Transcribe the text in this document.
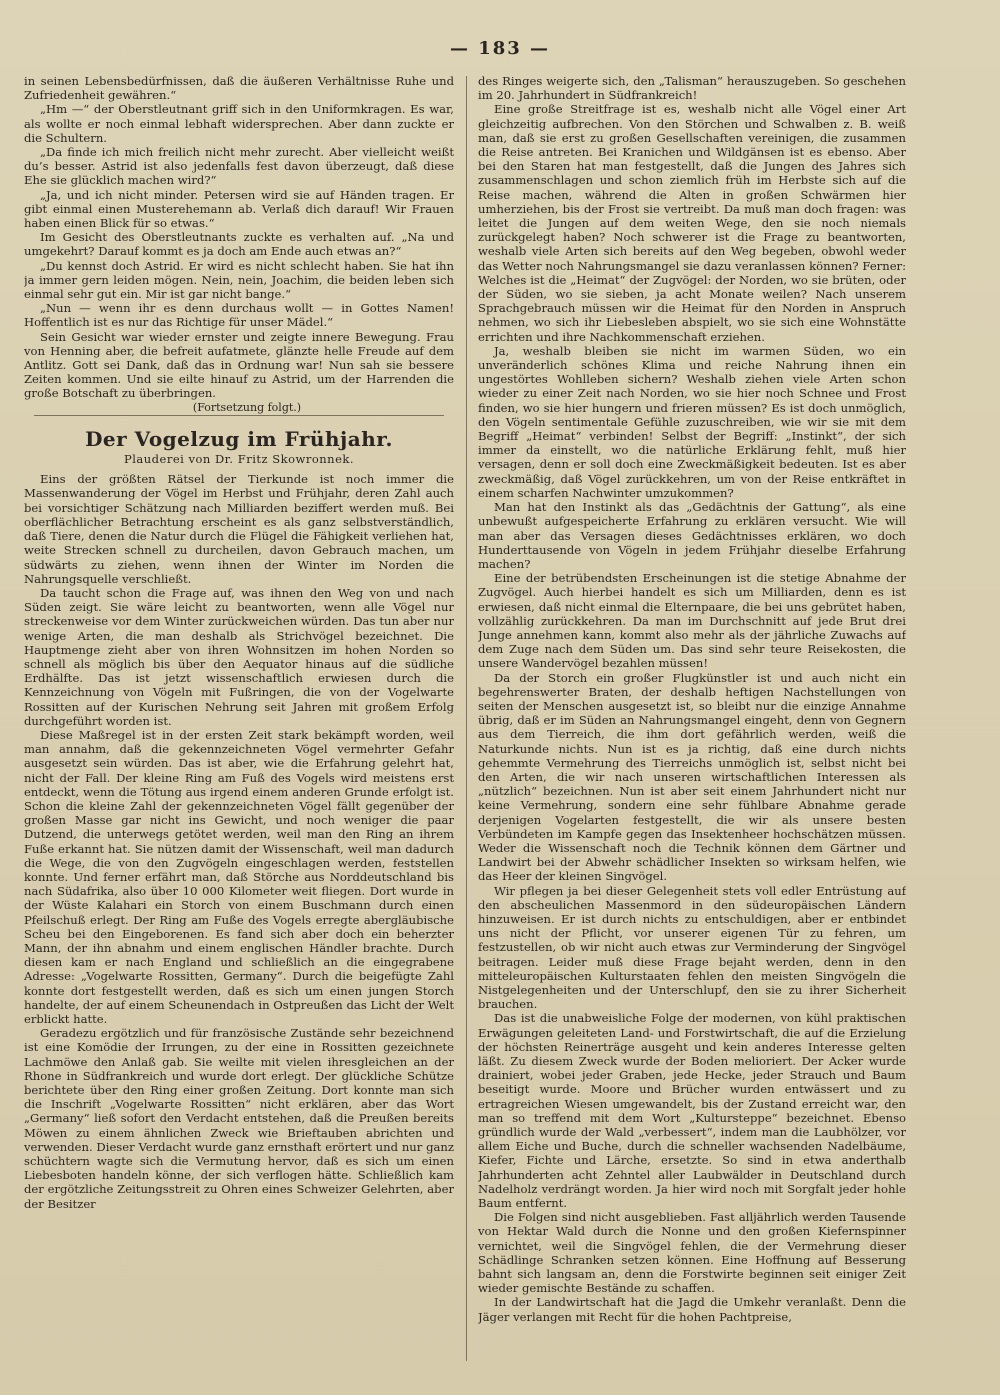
— 183 —

in seinen Lebensbedürfnissen, daß die äußeren Verhältnisse Ruhe und Zufriedenheit gewähren.“

„Hm —“ der Oberstleutnant griff sich in den Uniformkragen. Es war, als wollte er noch einmal lebhaft widersprechen. Aber dann zuckte er die Schultern.

„Da finde ich mich freilich nicht mehr zurecht. Aber vielleicht weißt du’s besser. Astrid ist also jedenfalls fest davon überzeugt, daß diese Ehe sie glücklich machen wird?“

„Ja, und ich nicht minder. Petersen wird sie auf Händen tragen. Er gibt einmal einen Musterehemann ab. Verlaß dich darauf! Wir Frauen haben einen Blick für so etwas.“

Im Gesicht des Oberstleutnants zuckte es verhalten auf. „Na und umgekehrt? Darauf kommt es ja doch am Ende auch etwas an?“

„Du kennst doch Astrid. Er wird es nicht schlecht haben. Sie hat ihn ja immer gern leiden mögen. Nein, nein, Joachim, die beiden leben sich einmal sehr gut ein. Mir ist gar nicht bange.“

„Nun — wenn ihr es denn durchaus wollt — in Gottes Namen! Hoffentlich ist es nur das Richtige für unser Mädel.“

Sein Gesicht war wieder ernster und zeigte innere Bewegung. Frau von Henning aber, die befreit aufatmete, glänzte helle Freude auf dem Antlitz. Gott sei Dank, daß das in Ordnung war! Nun sah sie bessere Zeiten kommen. Und sie eilte hinauf zu Astrid, um der Harrenden die große Botschaft zu überbringen.

(Fortsetzung folgt.)

Der Vogelzug im Frühjahr.
Plauderei von Dr. Fritz Skowronnek.

Eins der größten Rätsel der Tierkunde ist noch immer die Massenwanderung der Vögel im Herbst und Frühjahr, deren Zahl auch bei vorsichtiger Schätzung nach Milliarden beziffert werden muß. Bei oberflächlicher Betrachtung erscheint es als ganz selbstverständlich, daß Tiere, denen die Natur durch die Flügel die Fähigkeit verliehen hat, weite Strecken schnell zu durcheilen, davon Gebrauch machen, um südwärts zu ziehen, wenn ihnen der Winter im Norden die Nahrungsquelle verschließt.

Da taucht schon die Frage auf, was ihnen den Weg von und nach Süden zeigt. Sie wäre leicht zu beantworten, wenn alle Vögel nur streckenweise vor dem Winter zurückweichen würden. Das tun aber nur wenige Arten, die man deshalb als Strichvögel bezeichnet. Die Hauptmenge zieht aber von ihren Wohnsitzen im hohen Norden so schnell als möglich bis über den Aequator hinaus auf die südliche Erdhälfte. Das ist jetzt wissenschaftlich erwiesen durch die Kennzeichnung von Vögeln mit Fußringen, die von der Vogelwarte Rossitten auf der Kurischen Nehrung seit Jahren mit großem Erfolg durchgeführt worden ist.

Diese Maßregel ist in der ersten Zeit stark bekämpft worden, weil man annahm, daß die gekennzeichneten Vögel vermehrter Gefahr ausgesetzt sein würden. Das ist aber, wie die Erfahrung gelehrt hat, nicht der Fall. Der kleine Ring am Fuß des Vogels wird meistens erst entdeckt, wenn die Tötung aus irgend einem anderen Grunde erfolgt ist. Schon die kleine Zahl der gekennzeichneten Vögel fällt gegenüber der großen Masse gar nicht ins Gewicht, und noch weniger die paar Dutzend, die unterwegs getötet werden, weil man den Ring an ihrem Fuße erkannt hat. Sie nützen damit der Wissenschaft, weil man dadurch die Wege, die von den Zugvögeln eingeschlagen werden, feststellen konnte. Und ferner erfährt man, daß Störche aus Norddeutschland bis nach Südafrika, also über 10 000 Kilometer weit fliegen. Dort wurde in der Wüste Kalahari ein Storch von einem Buschmann durch einen Pfeilschuß erlegt. Der Ring am Fuße des Vogels erregte abergläubische Scheu bei den Eingeborenen. Es fand sich aber doch ein beherzter Mann, der ihn abnahm und einem englischen Händler brachte. Durch diesen kam er nach England und schließlich an die eingegrabene Adresse: „Vogelwarte Rossitten, Germany“. Durch die beigefügte Zahl konnte dort festgestellt werden, daß es sich um einen jungen Storch handelte, der auf einem Scheunendach in Ostpreußen das Licht der Welt erblickt hatte.

Geradezu ergötzlich und für französische Zustände sehr bezeichnend ist eine Komödie der Irrungen, zu der eine in Rossitten gezeichnete Lachmöwe den Anlaß gab. Sie weilte mit vielen ihresgleichen an der Rhone in Südfrankreich und wurde dort erlegt. Der glückliche Schütze berichtete über den Ring einer großen Zeitung. Dort konnte man sich die Inschrift „Vogelwarte Rossitten“ nicht erklären, aber das Wort „Germany“ ließ sofort den Verdacht entstehen, daß die Preußen bereits Möwen zu einem ähnlichen Zweck wie Brieftauben abrichten und verwenden. Dieser Verdacht wurde ganz ernsthaft erörtert und nur ganz schüchtern wagte sich die Vermutung hervor, daß es sich um einen Liebesboten handeln könne, der sich verflogen hätte. Schließlich kam der ergötzliche Zeitungsstreit zu Ohren eines Schweizer Gelehrten, aber der Besitzer

des Ringes weigerte sich, den „Talisman“ herauszugeben. So geschehen im 20. Jahrhundert in Südfrankreich!

Eine große Streitfrage ist es, weshalb nicht alle Vögel einer Art gleichzeitig aufbrechen. Von den Störchen und Schwalben z. B. weiß man, daß sie erst zu großen Gesellschaften vereinigen, die zusammen die Reise antreten. Bei Kranichen und Wildgänsen ist es ebenso. Aber bei den Staren hat man festgestellt, daß die Jungen des Jahres sich zusammenschlagen und schon ziemlich früh im Herbste sich auf die Reise machen, während die Alten in großen Schwärmen hier umherziehen, bis der Frost sie vertreibt. Da muß man doch fragen: was leitet die Jungen auf dem weiten Wege, den sie noch niemals zurückgelegt haben? Noch schwerer ist die Frage zu beantworten, weshalb viele Arten sich bereits auf den Weg begeben, obwohl weder das Wetter noch Nahrungsmangel sie dazu veranlassen können? Ferner: Welches ist die „Heimat“ der Zugvögel: der Norden, wo sie brüten, oder der Süden, wo sie sieben, ja acht Monate weilen? Nach unserem Sprachgebrauch müssen wir die Heimat für den Norden in Anspruch nehmen, wo sich ihr Liebesleben abspielt, wo sie sich eine Wohnstätte errichten und ihre Nachkommenschaft erziehen.

Ja, weshalb bleiben sie nicht im warmen Süden, wo ein unveränderlich schönes Klima und reiche Nahrung ihnen ein ungestörtes Wohlleben sichern? Weshalb ziehen viele Arten schon wieder zu einer Zeit nach Norden, wo sie hier noch Schnee und Frost finden, wo sie hier hungern und frieren müssen? Es ist doch unmöglich, den Vögeln sentimentale Gefühle zuzuschreiben, wie wir sie mit dem Begriff „Heimat“ verbinden! Selbst der Begriff: „Instinkt“, der sich immer da einstellt, wo die natürliche Erklärung fehlt, muß hier versagen, denn er soll doch eine Zweckmäßigkeit bedeuten. Ist es aber zweckmäßig, daß Vögel zurückkehren, um von der Reise entkräftet in einem scharfen Nachwinter umzukommen?

Man hat den Instinkt als das „Gedächtnis der Gattung“, als eine unbewußt aufgespeicherte Erfahrung zu erklären versucht. Wie will man aber das Versagen dieses Gedächtnisses erklären, wo doch Hunderttausende von Vögeln in jedem Frühjahr dieselbe Erfahrung machen?

Eine der betrübendsten Erscheinungen ist die stetige Abnahme der Zugvögel. Auch hierbei handelt es sich um Milliarden, denn es ist erwiesen, daß nicht einmal die Elternpaare, die bei uns gebrütet haben, vollzählig zurückkehren. Da man im Durchschnitt auf jede Brut drei Junge annehmen kann, kommt also mehr als der jährliche Zuwachs auf dem Zuge nach dem Süden um. Das sind sehr teure Reisekosten, die unsere Wandervögel bezahlen müssen!

Da der Storch ein großer Flugkünstler ist und auch nicht ein begehrenswerter Braten, der deshalb heftigen Nachstellungen von seiten der Menschen ausgesetzt ist, so bleibt nur die einzige Annahme übrig, daß er im Süden an Nahrungsmangel eingeht, denn von Gegnern aus dem Tierreich, die ihm dort gefährlich werden, weiß die Naturkunde nichts. Nun ist es ja richtig, daß eine durch nichts gehemmte Vermehrung des Tierreichs unmöglich ist, selbst nicht bei den Arten, die wir nach unseren wirtschaftlichen Interessen als „nützlich“ bezeichnen. Nun ist aber seit einem Jahrhundert nicht nur keine Vermehrung, sondern eine sehr fühlbare Abnahme gerade derjenigen Vogelarten festgestellt, die wir als unsere besten Verbündeten im Kampfe gegen das Insektenheer hochschätzen müssen. Weder die Wissenschaft noch die Technik können dem Gärtner und Landwirt bei der Abwehr schädlicher Insekten so wirksam helfen, wie das Heer der kleinen Singvögel.

Wir pflegen ja bei dieser Gelegenheit stets voll edler Entrüstung auf den abscheulichen Massenmord in den südeuropäischen Ländern hinzuweisen. Er ist durch nichts zu entschuldigen, aber er entbindet uns nicht der Pflicht, vor unserer eigenen Tür zu fehren, um festzustellen, ob wir nicht auch etwas zur Verminderung der Singvögel beitragen. Leider muß diese Frage bejaht werden, denn in den mitteleuropäischen Kulturstaaten fehlen den meisten Singvögeln die Nistgelegenheiten und der Unterschlupf, den sie zu ihrer Sicherheit brauchen.

Das ist die unabweisliche Folge der modernen, von kühl praktischen Erwägungen geleiteten Land- und Forstwirtschaft, die auf die Erzielung der höchsten Reinerträge ausgeht und kein anderes Interesse gelten läßt. Zu diesem Zweck wurde der Boden melioriert. Der Acker wurde drainiert, wobei jeder Graben, jede Hecke, jeder Strauch und Baum beseitigt wurde. Moore und Brücher wurden entwässert und zu ertragreichen Wiesen umgewandelt, bis der Zustand erreicht war, den man so treffend mit dem Wort „Kultursteppe“ bezeichnet. Ebenso gründlich wurde der Wald „verbessert“, indem man die Laubhölzer, vor allem Eiche und Buche, durch die schneller wachsenden Nadelbäume, Kiefer, Fichte und Lärche, ersetzte. So sind in etwa anderthalb Jahrhunderten acht Zehntel aller Laubwälder in Deutschland durch Nadelholz verdrängt worden. Ja hier wird noch mit Sorgfalt jeder hohle Baum entfernt.

Die Folgen sind nicht ausgeblieben. Fast alljährlich werden Tausende von Hektar Wald durch die Nonne und den großen Kiefernspinner vernichtet, weil die Singvögel fehlen, die der Vermehrung dieser Schädlinge Schranken setzen können. Eine Hoffnung auf Besserung bahnt sich langsam an, denn die Forstwirte beginnen seit einiger Zeit wieder gemischte Bestände zu schaffen.

In der Landwirtschaft hat die Jagd die Umkehr veranlaßt. Denn die Jäger verlangen mit Recht für die hohen Pachtpreise,
